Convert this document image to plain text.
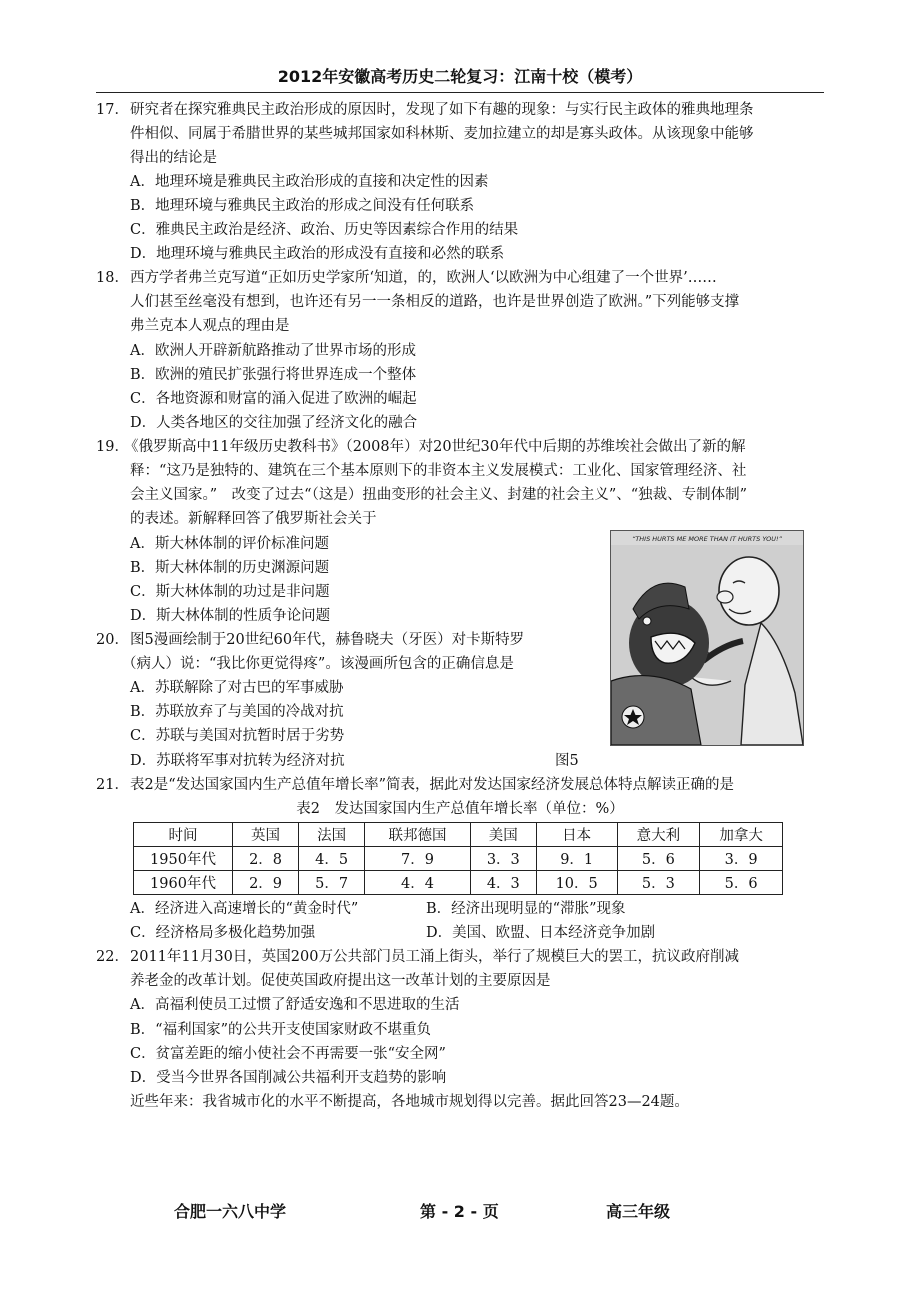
2012年安徽高考历史二轮复习：江南十校（模考）
17． 研究者在探究雅典民主政治形成的原因时，发现了如下有趣的现象：与实行民主政体的雅典地理条
件相似、同属于希腊世界的某些城邦国家如科林斯、麦加拉建立的却是寡头政体。从该现象中能够
得出的结论是
A．地理环境是雅典民主政治形成的直接和决定性的因素
B．地理环境与雅典民主政治的形成之间没有任何联系
C．雅典民主政治是经济、政治、历史等因素综合作用的结果
D．地理环境与雅典民主政治的形成没有直接和必然的联系
18． 西方学者弗兰克写道“正如历史学家所‘知道，的，欧洲人‘以欧洲为中心组建了一个世界’……
人们甚至丝毫没有想到，也许还有另一一条相反的道路，也许是世界创造了欧洲。”下列能够支撑
弗兰克本人观点的理由是
A．欧洲人开辟新航路推动了世界市场的形成
B．欧洲的殖民扩张强行将世界连成一个整体
C．各地资源和财富的涌入促进了欧洲的崛起
D．人类各地区的交往加强了经济文化的融合
19．
《俄罗斯高中11年级历史教科书》（2008年）对20世纪30年代中后期的苏维埃社会做出了新的解
释：“这乃是独特的、建筑在三个基本原则下的非资本主义发展模式：工业化、国家管理经济、社
会主义国家。”　改变了过去“（这是）扭曲变形的社会主义、封建的社会主义”、“独裁、专制体制”
的表述。新解释回答了俄罗斯社会关于
A．斯大林体制的评价标准问题
B．斯大林体制的历史渊源问题
C．斯大林体制的功过是非问题
D．斯大林体制的性质争论问题
20． 图5漫画绘制于20世纪60年代，赫鲁晓夫（牙医）对卡斯特罗
（病人）说：“我比你更觉得疼”。该漫画所包含的正确信息是
A．苏联解除了对古巴的军事威胁
B．苏联放弃了与美国的冷战对抗
C．苏联与美国对抗暂时居于劣势
D．苏联将军事对抗转为经济对抗
“THIS HURTS ME MORE THAN IT HURTS YOU!”
图5
21． 表2是“发达国家国内生产总值年增长率”简表，据此对发达国家经济发展总体特点解读正确的是
表2　发达国家国内生产总值年增长率（单位：%）
时间	英国	法国	联邦德国	美国	日本	意大利	加拿大
1950年代	2．8	4．5	7．9	3．3	9．1	5．6	3．9
1960年代	2．9	5．7	4．4	4．3	10．5	5．3	5．6
A．经济进入高速增长的“黄金时代”	B．经济出现明显的“滞胀”现象
C．经济格局多极化趋势加强	D．美国、欧盟、日本经济竞争加剧
22． 2011年11月30日，英国200万公共部门员工涌上街头，举行了规模巨大的罢工，抗议政府削减
养老金的改革计划。促使英国政府提出这一改革计划的主要原因是
A．高福利使员工过惯了舒适安逸和不思进取的生活
B．“福利国家”的公共开支使国家财政不堪重负
C．贫富差距的缩小使社会不再需要一张“安全网”
D．受当今世界各国削减公共福利开支趋势的影响
近些年来：我省城市化的水平不断提高，各地城市规划得以完善。据此回答23—24题。
合肥一六八中学	第 - 2 - 页	高三年级
